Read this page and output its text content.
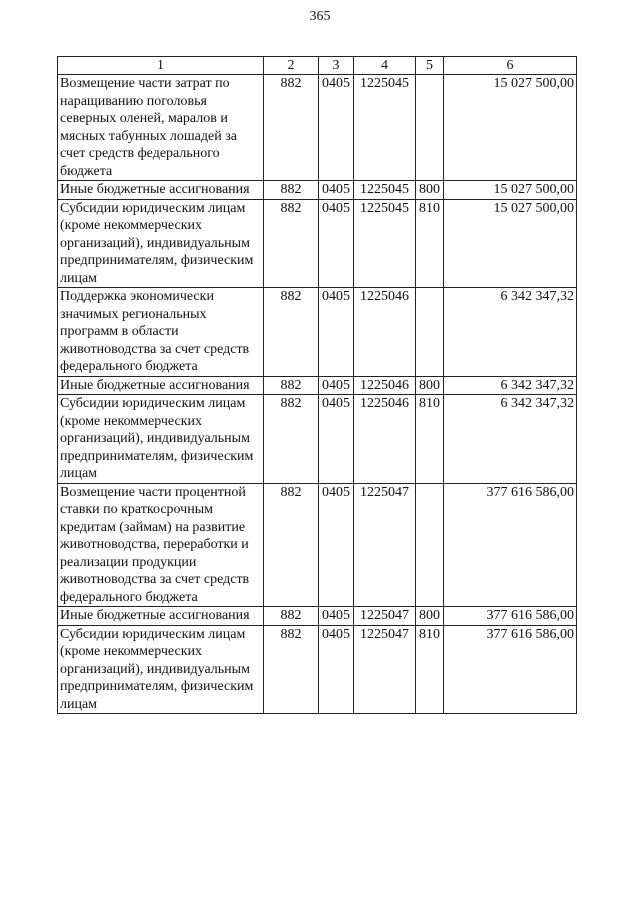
365
1	2	3	4	5	6
Возмещение части затрат по наращиванию поголовья северных оленей, маралов и мясных табунных лошадей за счет средств федерального бюджета	882	0405	1225045		15 027 500,00
Иные бюджетные ассигнования	882	0405	1225045	800	15 027 500,00
Субсидии юридическим лицам (кроме некоммерческих организаций), индивидуальным предпринимателям, физическим лицам	882	0405	1225045	810	15 027 500,00
Поддержка экономически значимых региональных программ в области животноводства за счет средств федерального бюджета	882	0405	1225046		6 342 347,32
Иные бюджетные ассигнования	882	0405	1225046	800	6 342 347,32
Субсидии юридическим лицам (кроме некоммерческих организаций), индивидуальным предпринимателям, физическим лицам	882	0405	1225046	810	6 342 347,32
Возмещение части процентной ставки по краткосрочным кредитам (займам) на развитие животноводства, переработки и реализации продукции животноводства за счет средств федерального бюджета	882	0405	1225047		377 616 586,00
Иные бюджетные ассигнования	882	0405	1225047	800	377 616 586,00
Субсидии юридическим лицам (кроме некоммерческих организаций), индивидуальным предпринимателям, физическим лицам	882	0405	1225047	810	377 616 586,00
